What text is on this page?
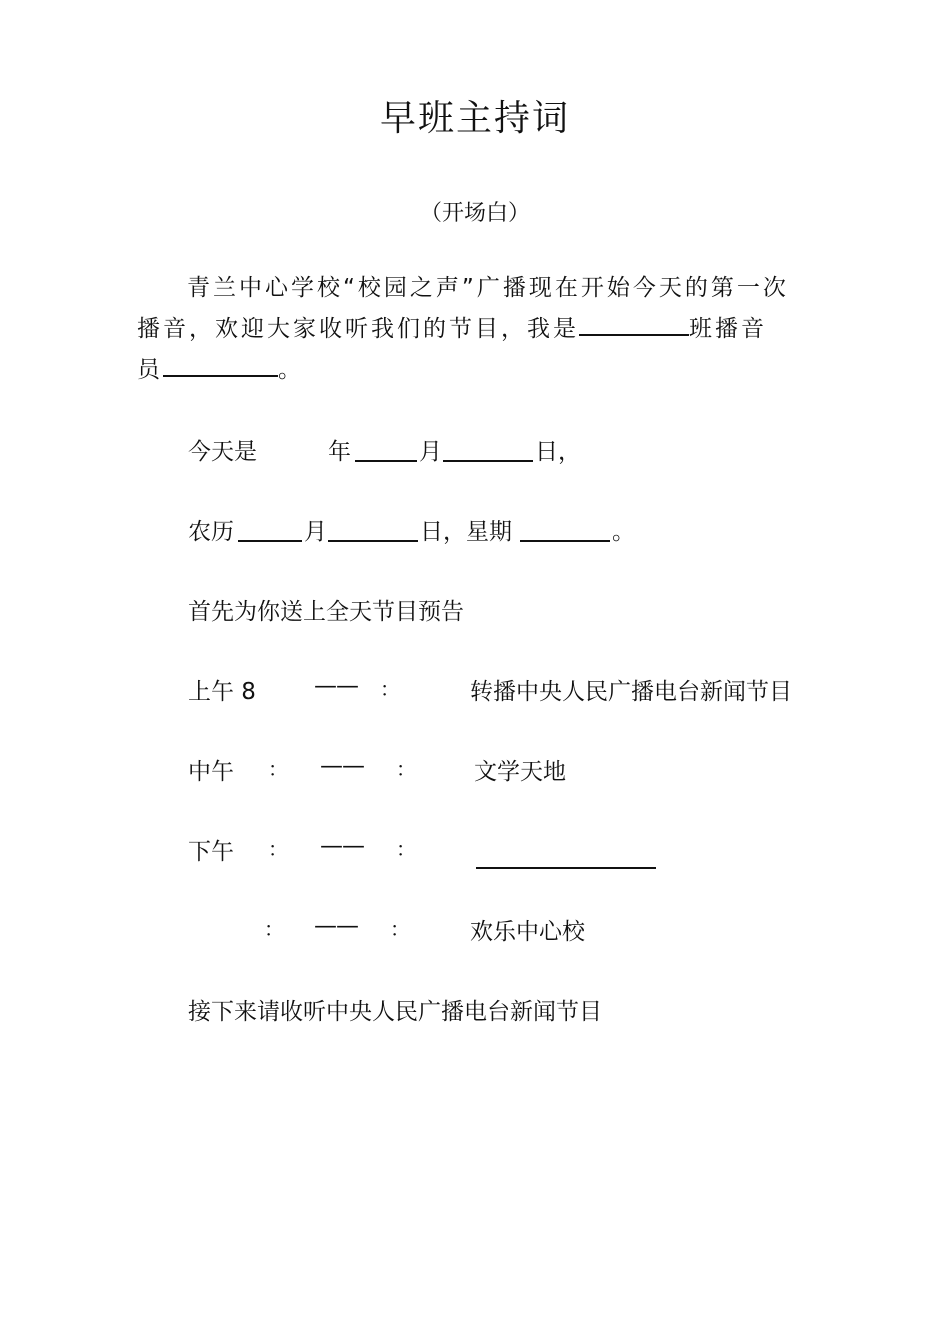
早班主持词
（开场白）
青兰中心学校“校园之声”广播现在开始今天的第一次
播音，欢迎大家收听我们的节目，我是	班播音
员	。
今天是	年	月	日，
农历	月	日，星期	。
首先为你送上全天节目预告
上午 8	—— ：	转播中央人民广播电台新闻节目
中午 ： —— ：	文学天地
下午 ： —— ：
： —— ：	欢乐中心校
接下来请收听中央人民广播电台新闻节目
